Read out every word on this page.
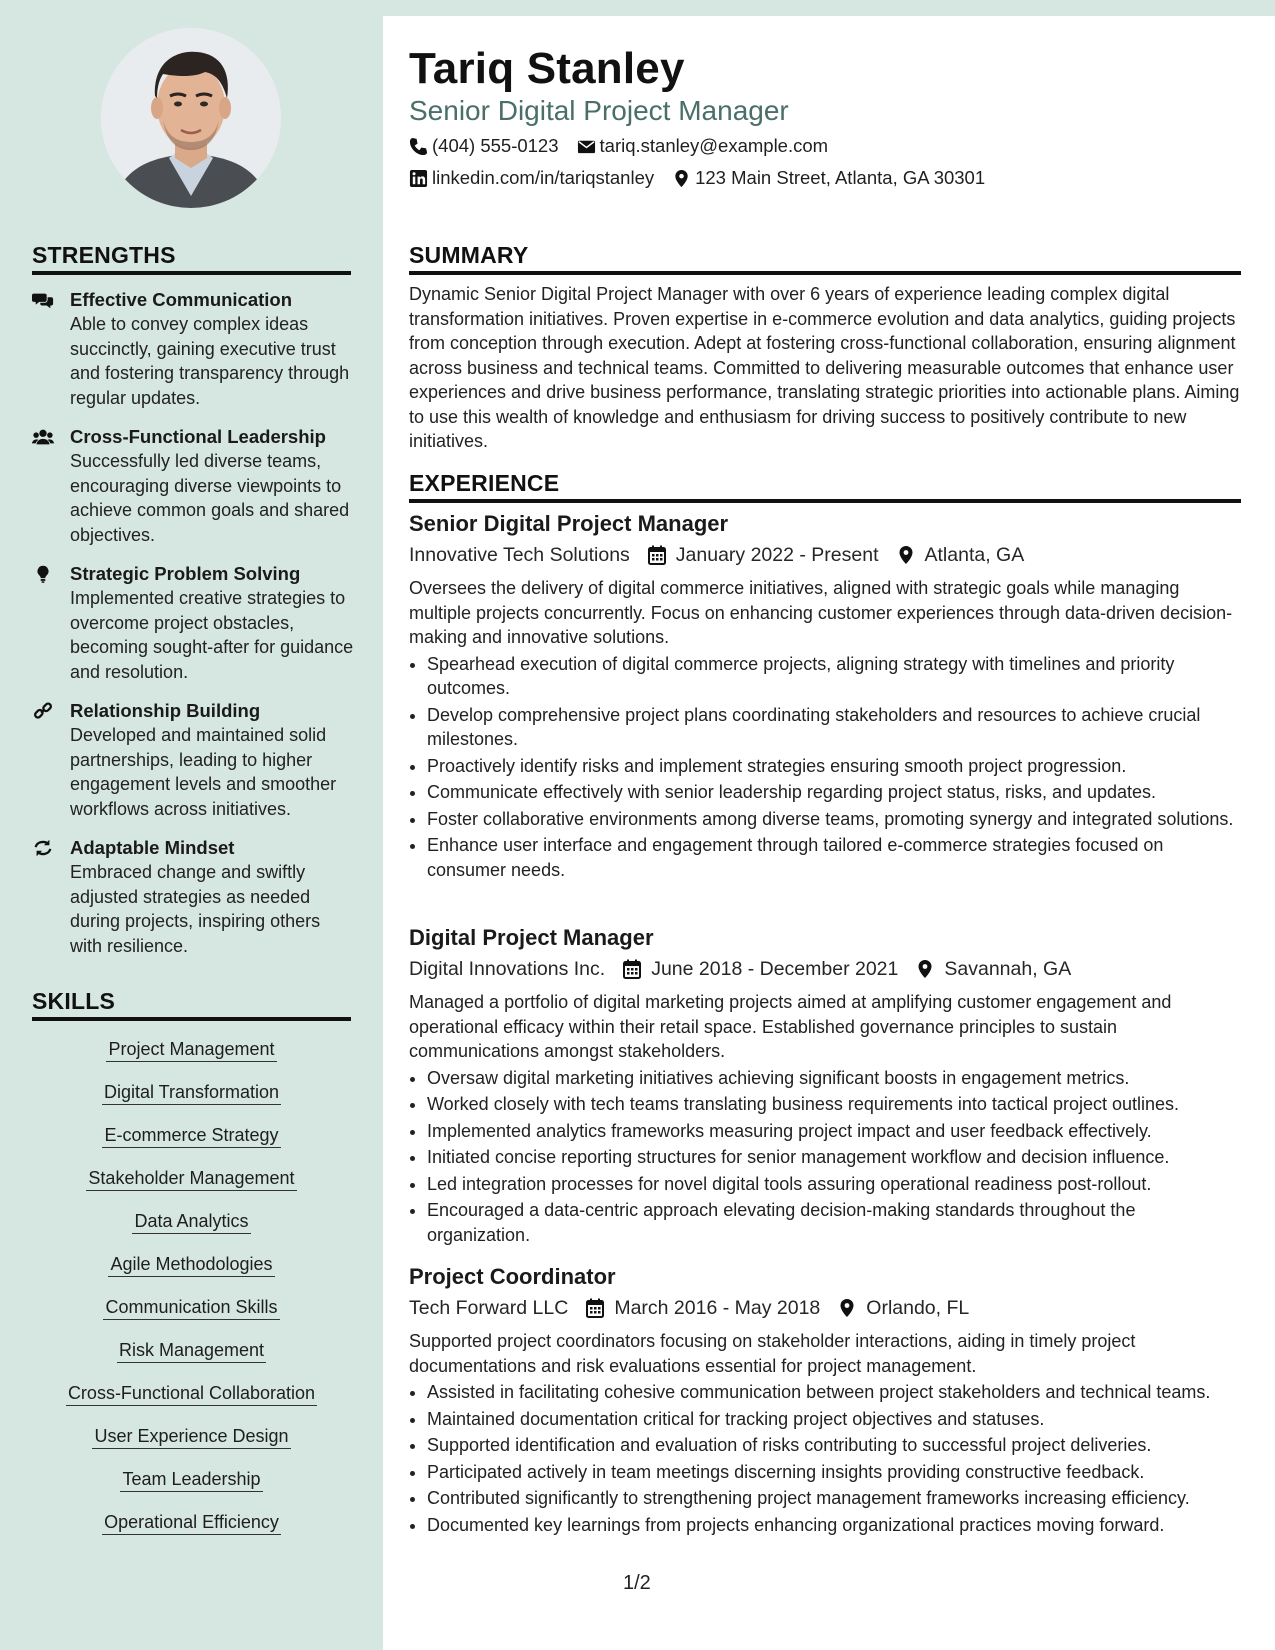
STRENGTHS
Effective Communication
Able to convey complex ideas succinctly, gaining executive trust and fostering transparency through regular updates.
Cross-Functional Leadership
Successfully led diverse teams, encouraging diverse viewpoints to achieve common goals and shared objectives.
Strategic Problem Solving
Implemented creative strategies to overcome project obstacles, becoming sought-after for guidance and resolution.
Relationship Building
Developed and maintained solid partnerships, leading to higher engagement levels and smoother workflows across initiatives.
Adaptable Mindset
Embraced change and swiftly adjusted strategies as needed during projects, inspiring others with resilience.
SKILLS
Project Management
Digital Transformation
E-commerce Strategy
Stakeholder Management
Data Analytics
Agile Methodologies
Communication Skills
Risk Management
Cross-Functional Collaboration
User Experience Design
Team Leadership
Operational Efficiency
Tariq Stanley
Senior Digital Project Manager
(404) 555-0123 tariq.stanley@example.com
linkedin.com/in/tariqstanley 123 Main Street, Atlanta, GA 30301
SUMMARY
Dynamic Senior Digital Project Manager with over 6 years of experience leading complex digital transformation initiatives. Proven expertise in e-commerce evolution and data analytics, guiding projects from conception through execution. Adept at fostering cross-functional collaboration, ensuring alignment across business and technical teams. Committed to delivering measurable outcomes that enhance user experiences and drive business performance, translating strategic priorities into actionable plans. Aiming to use this wealth of knowledge and enthusiasm for driving success to positively contribute to new initiatives.
EXPERIENCE
Senior Digital Project Manager
Innovative Tech Solutions January 2022 - Present Atlanta, GA
Oversees the delivery of digital commerce initiatives, aligned with strategic goals while managing multiple projects concurrently. Focus on enhancing customer experiences through data-driven decision-making and innovative solutions.
• Spearhead execution of digital commerce projects, aligning strategy with timelines and priority outcomes.
• Develop comprehensive project plans coordinating stakeholders and resources to achieve crucial milestones.
• Proactively identify risks and implement strategies ensuring smooth project progression.
• Communicate effectively with senior leadership regarding project status, risks, and updates.
• Foster collaborative environments among diverse teams, promoting synergy and integrated solutions.
• Enhance user interface and engagement through tailored e-commerce strategies focused on consumer needs.
Digital Project Manager
Digital Innovations Inc. June 2018 - December 2021 Savannah, GA
Managed a portfolio of digital marketing projects aimed at amplifying customer engagement and operational efficacy within their retail space. Established governance principles to sustain communications amongst stakeholders.
• Oversaw digital marketing initiatives achieving significant boosts in engagement metrics.
• Worked closely with tech teams translating business requirements into tactical project outlines.
• Implemented analytics frameworks measuring project impact and user feedback effectively.
• Initiated concise reporting structures for senior management workflow and decision influence.
• Led integration processes for novel digital tools assuring operational readiness post-rollout.
• Encouraged a data-centric approach elevating decision-making standards throughout the organization.
Project Coordinator
Tech Forward LLC March 2016 - May 2018 Orlando, FL
Supported project coordinators focusing on stakeholder interactions, aiding in timely project documentations and risk evaluations essential for project management.
• Assisted in facilitating cohesive communication between project stakeholders and technical teams.
• Maintained documentation critical for tracking project objectives and statuses.
• Supported identification and evaluation of risks contributing to successful project deliveries.
• Participated actively in team meetings discerning insights providing constructive feedback.
• Contributed significantly to strengthening project management frameworks increasing efficiency.
• Documented key learnings from projects enhancing organizational practices moving forward.
1/2
